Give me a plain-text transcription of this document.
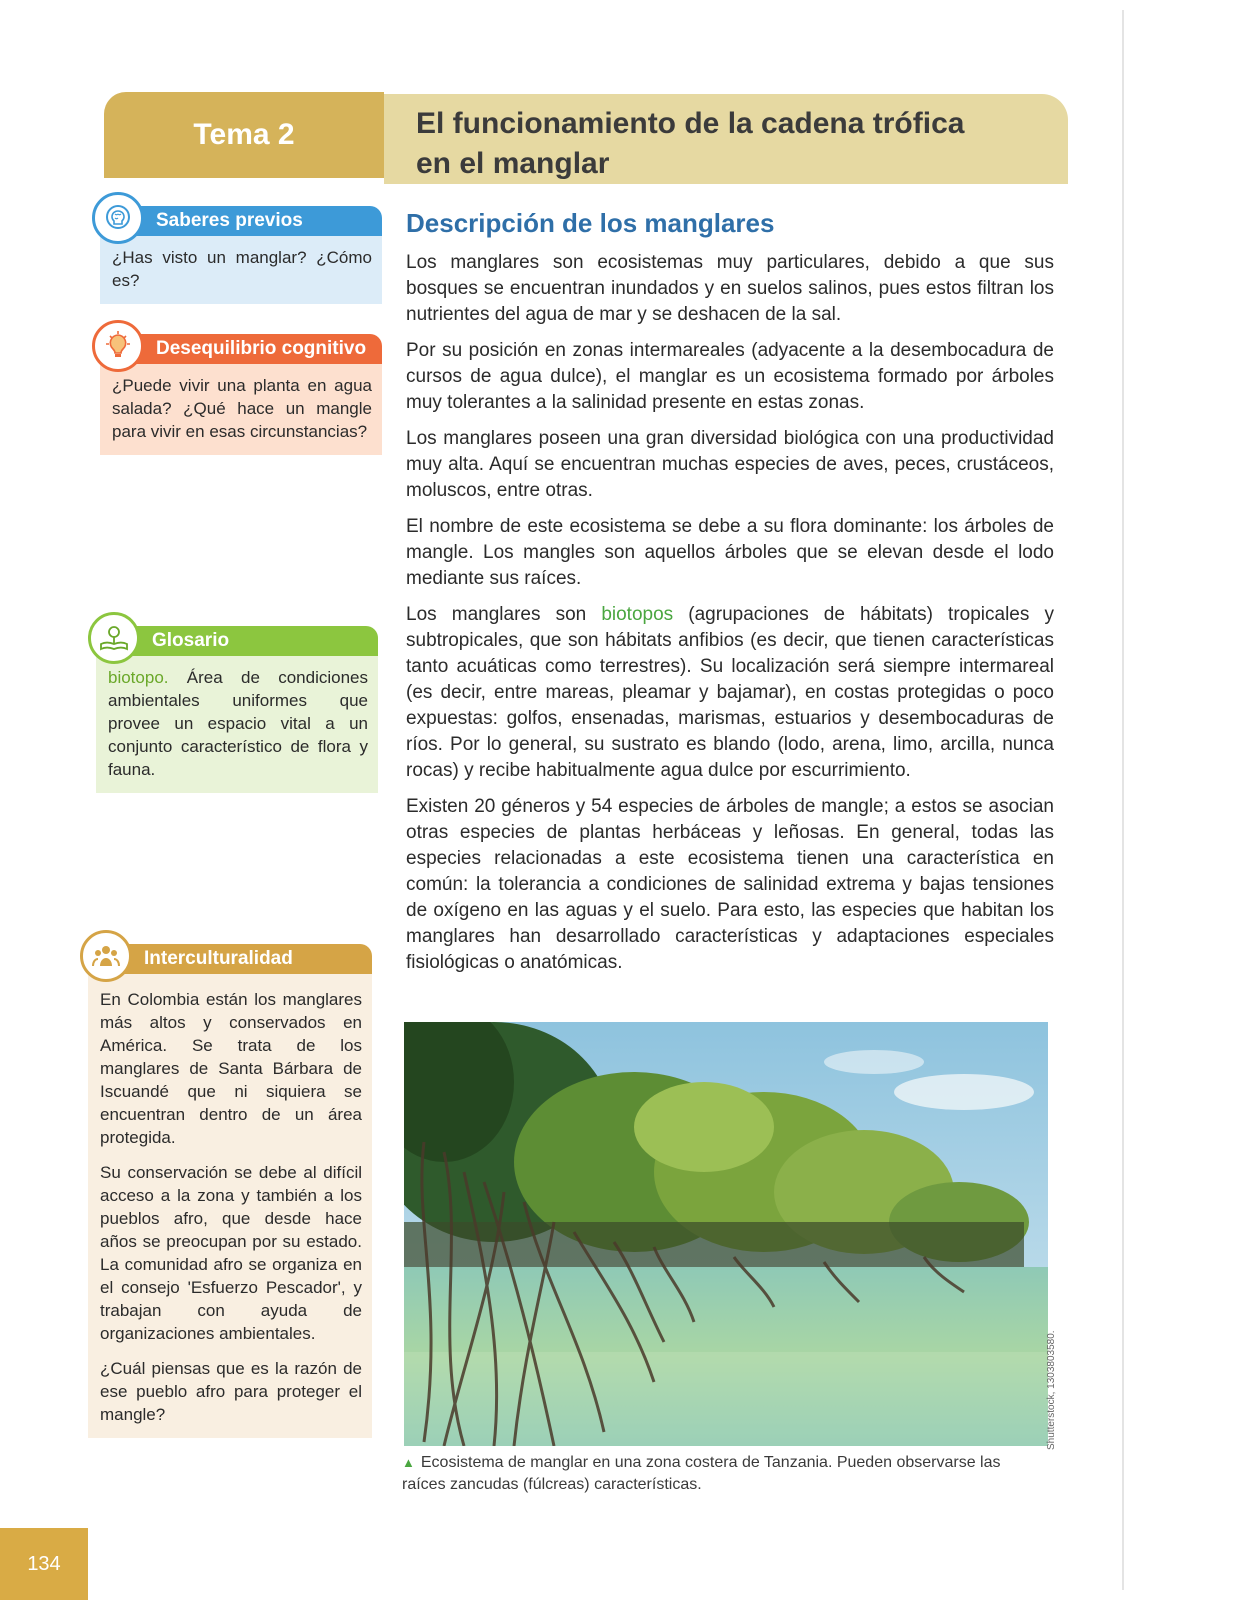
Tema 2	El funcionamiento de la cadena trófica
en el manglar
Saberes previos
¿Has visto un manglar? ¿Cómo es?
Desequilibrio cognitivo
¿Puede vivir una planta en agua salada? ¿Qué hace un mangle para vivir en esas circunstancias?
Glosario
biotopo. Área de condiciones ambientales uniformes que provee un espacio vital a un conjunto característico de flora y fauna.
Interculturalidad

En Colombia están los manglares más altos y conservados en América. Se trata de los manglares de Santa Bárbara de Iscuandé que ni siquiera se encuentran dentro de un área protegida.

Su conservación se debe al difícil acceso a la zona y también a los pueblos afro, que desde hace años se preocupan por su estado. La comunidad afro se organiza en el consejo 'Esfuerzo Pescador', y trabajan con ayuda de organizaciones ambientales.

¿Cuál piensas que es la razón de ese pueblo afro para proteger el mangle?

Descripción de los manglares

Los manglares son ecosistemas muy particulares, debido a que sus bosques se encuentran inundados y en suelos salinos, pues estos filtran los nutrientes del agua de mar y se deshacen de la sal.

Por su posición en zonas intermareales (adyacente a la desembocadura de cursos de agua dulce), el manglar es un ecosistema formado por árboles muy tolerantes a la salinidad presente en estas zonas.

Los manglares poseen una gran diversidad biológica con una productividad muy alta. Aquí se encuentran muchas especies de aves, peces, crustáceos, moluscos, entre otras.

El nombre de este ecosistema se debe a su flora dominante: los árboles de mangle. Los mangles son aquellos árboles que se elevan desde el lodo mediante sus raíces.

Los manglares son biotopos (agrupaciones de hábitats) tropicales y subtropicales, que son hábitats anfibios (es decir, que tienen características tanto acuáticas como terrestres). Su localización será siempre intermareal (es decir, entre mareas, pleamar y bajamar), en costas protegidas o poco expuestas: golfos, ensenadas, marismas, estuarios y desembocaduras de ríos. Por lo general, su sustrato es blando (lodo, arena, limo, arcilla, nunca rocas) y recibe habitualmente agua dulce por escurrimiento.

Existen 20 géneros y 54 especies de árboles de mangle; a estos se asocian otras especies de plantas herbáceas y leñosas. En general, todas las especies relacionadas a este ecosistema tienen una característica en común: la tolerancia a condiciones de salinidad extrema y bajas tensiones de oxígeno en las aguas y el suelo. Para esto, las especies que habitan los manglares han desarrollado características y adaptaciones especiales fisiológicas o anatómicas.

Shutterstock, 1303803580.
▲ Ecosistema de manglar en una zona costera de Tanzania. Pueden observarse las raíces zancudas (fúlcreas) características.
134
